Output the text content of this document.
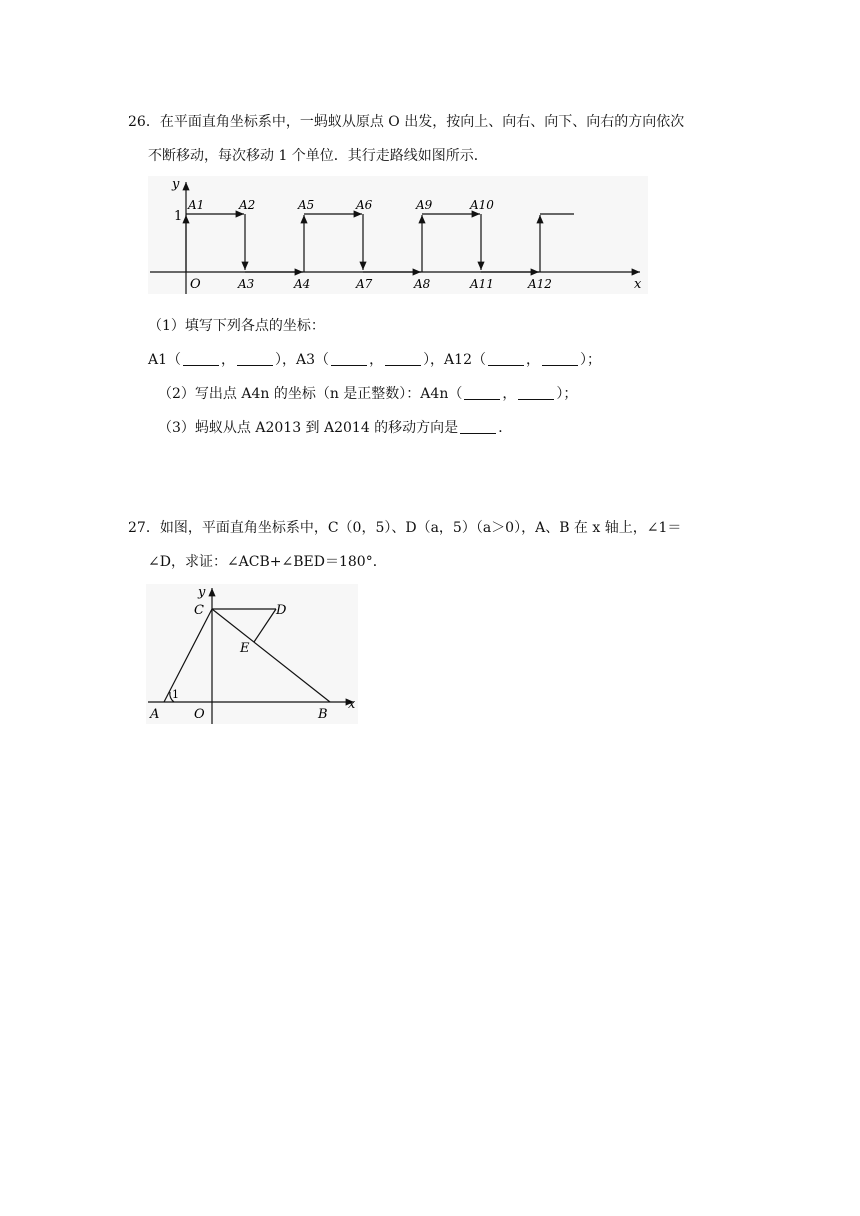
26．在平面直角坐标系中，一蚂蚁从原点 O 出发，按向上、向右、向下、向右的方向依次
不断移动，每次移动 1 个单位．其行走路线如图所示．
y
x
O
1
A1	A2	A5	A6	A9	A10
A3	A4	A7	A8	A11	A12
（1）填写下列各点的坐标：
A1（	，	），A3（	，	），A12（	，	）；
（2）写出点 A4n 的坐标（n 是正整数）：A4n（	，	）；
（3）蚂蚁从点 A2013 到 A2014 的移动方向是	．
27．如图，平面直角坐标系中，C（0，5）、D（a，5）（a＞0），A、B 在 x 轴上，∠1＝
∠D，求证：∠ACB+∠BED＝180°．
y
x
C	D
E
1
A	O	B
